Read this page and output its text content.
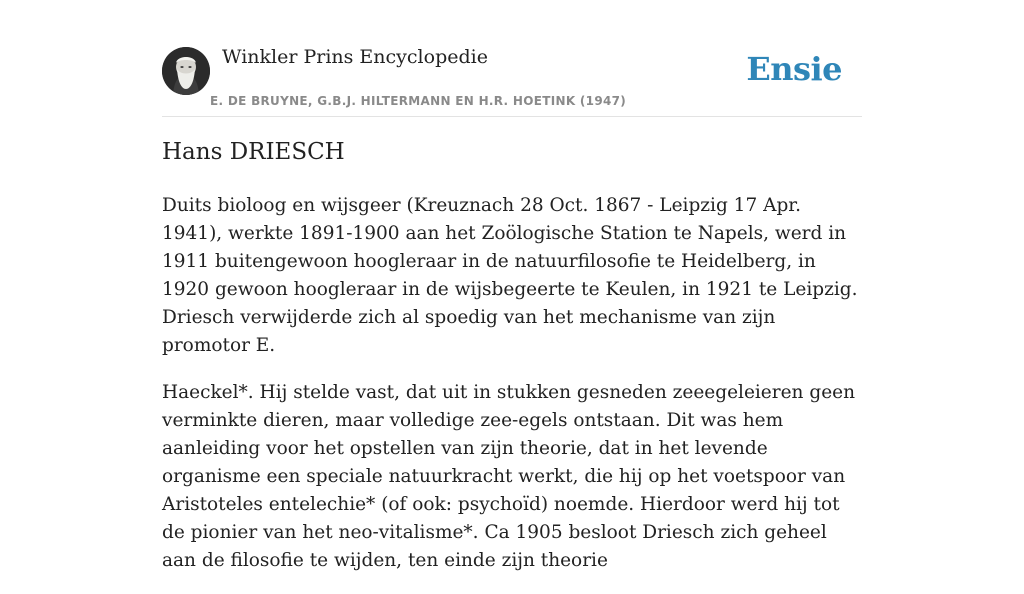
Winkler Prins Encyclopedie
E. DE BRUYNE, G.B.J. HILTERMANN EN H.R. HOETINK (1947)
Ensie
Hans DRIESCH

Duits bioloog en wijsgeer (Kreuznach 28 Oct. 1867 - Leipzig 17 Apr. 1941), werkte 1891-1900 aan het Zoölogische Station te Napels, werd in 1911 buitengewoon hoogleraar in de natuurfilosofie te Heidelberg, in 1920 gewoon hoogleraar in de wijsbegeerte te Keulen, in 1921 te Leipzig. Driesch verwijderde zich al spoedig van het mechanisme van zijn promotor E.

Haeckel*. Hij stelde vast, dat uit in stukken gesneden zeeegeleieren geen verminkte dieren, maar volledige zee-egels ontstaan. Dit was hem aanleiding voor het opstellen van zijn theorie, dat in het levende organisme een speciale natuurkracht werkt, die hij op het voetspoor van Aristoteles entelechie* (of ook: psychoïd) noemde. Hierdoor werd hij tot de pionier van het neo-vitalisme*. Ca 1905 besloot Driesch zich geheel aan de filosofie te wijden, ten einde zijn theorie
